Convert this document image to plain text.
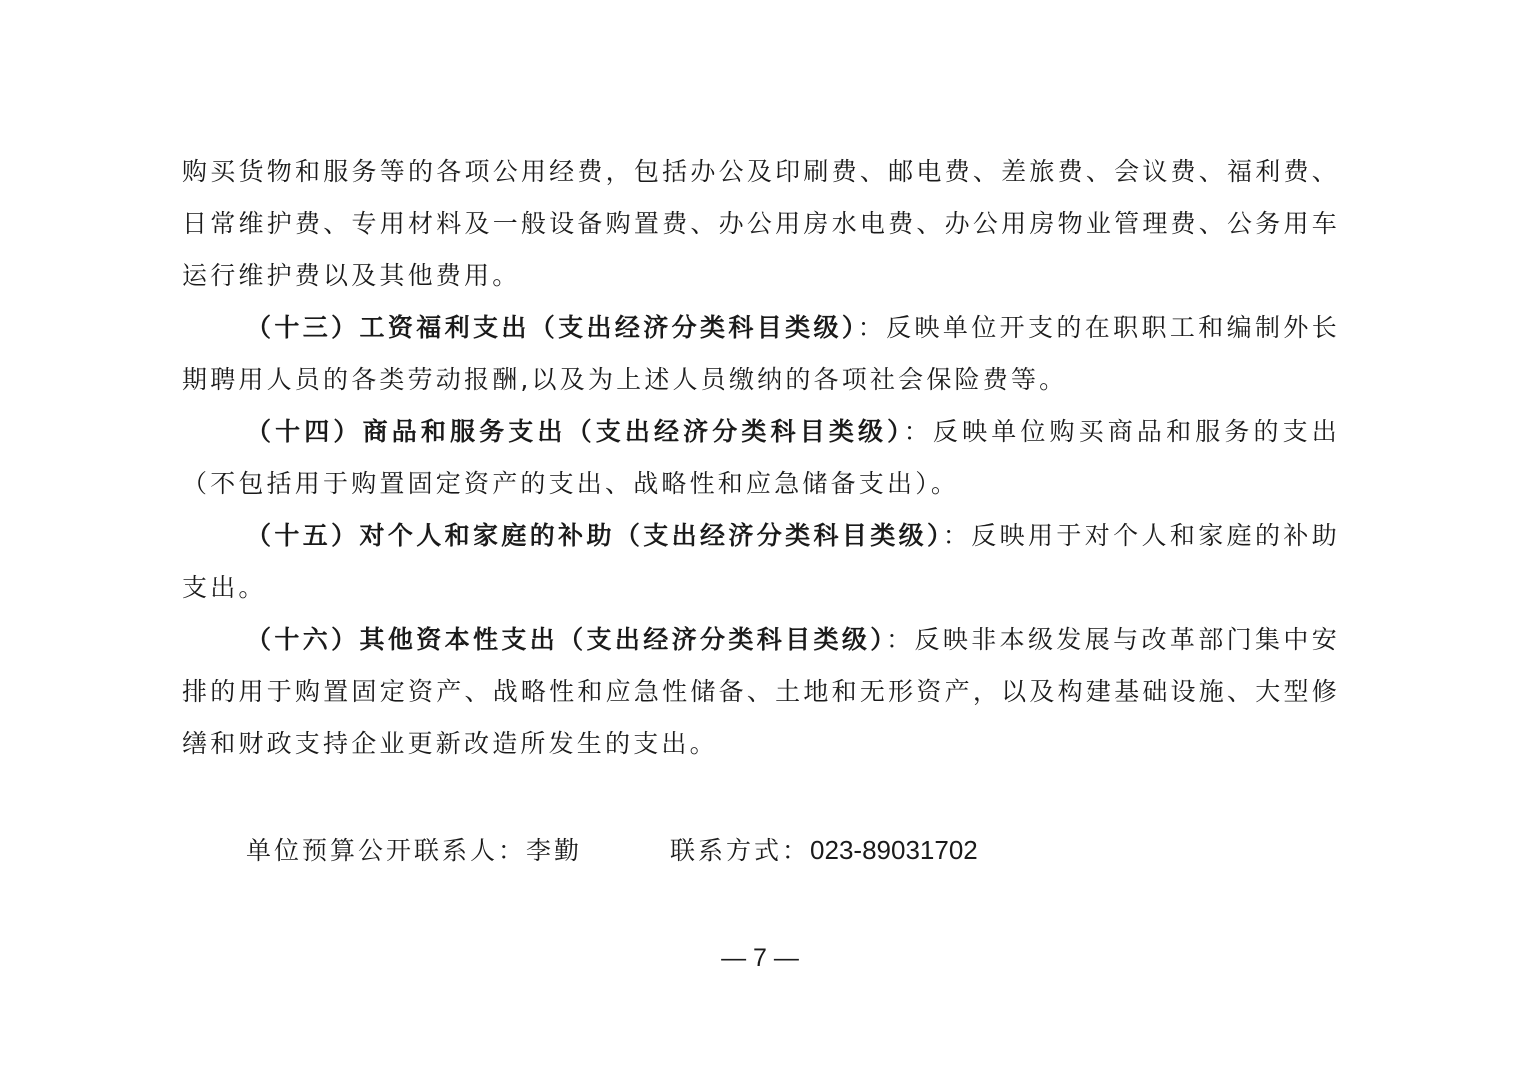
购买货物和服务等的各项公用经费，包括办公及印刷费、邮电费、差旅费、会议费、福利费、日常维护费、专用材料及一般设备购置费、办公用房水电费、办公用房物业管理费、公务用车运行维护费以及其他费用。

（十三）工资福利支出（支出经济分类科目类级）：反映单位开支的在职职工和编制外长期聘用人员的各类劳动报酬,以及为上述人员缴纳的各项社会保险费等。

（十四）商品和服务支出（支出经济分类科目类级）：反映单位购买商品和服务的支出（不包括用于购置固定资产的支出、战略性和应急储备支出）。

（十五）对个人和家庭的补助（支出经济分类科目类级）：反映用于对个人和家庭的补助支出。

（十六）其他资本性支出（支出经济分类科目类级）：反映非本级发展与改革部门集中安排的用于购置固定资产、战略性和应急性储备、土地和无形资产，以及构建基础设施、大型修缮和财政支持企业更新改造所发生的支出。

单位预算公开联系人：李勤	联系方式：023-89031702
— 7 —
